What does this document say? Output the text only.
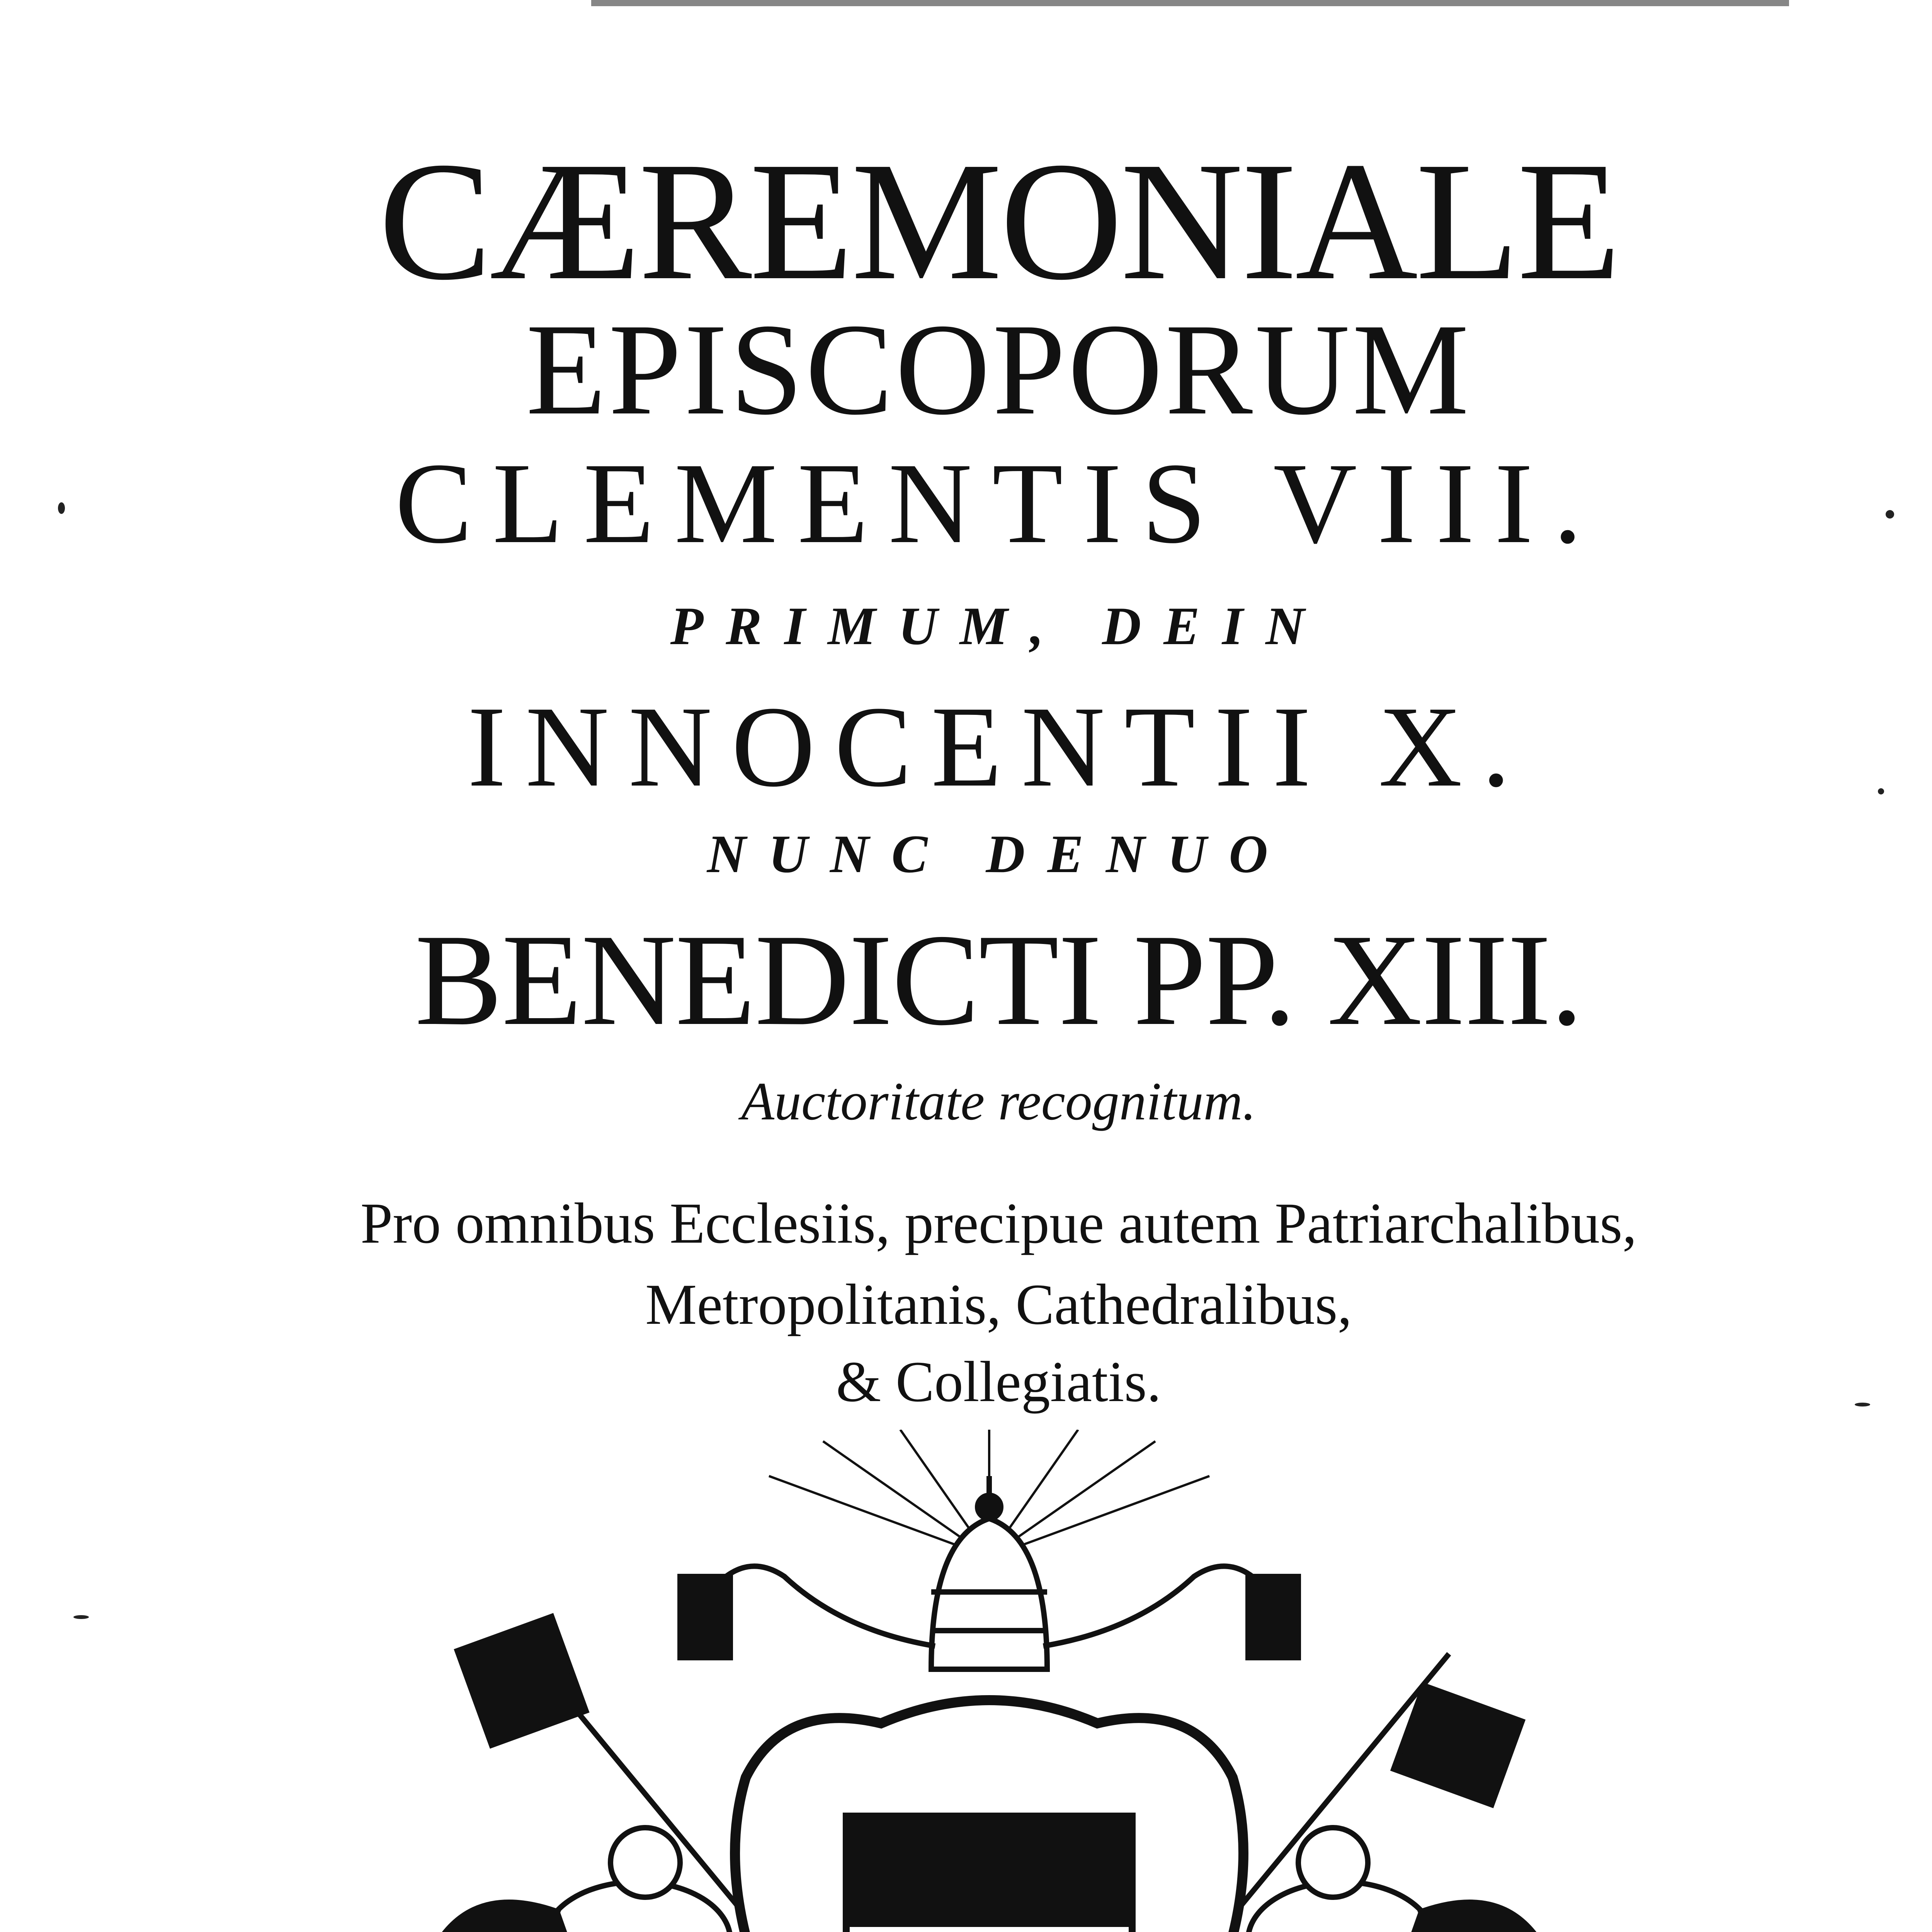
CÆREMONIALE
EPISCOPORUM
CLEMENTIS VIII.
PRIMUM, DEIN
INNOCENTII X.
NUNC DENUO
BENEDICTI PP. XIII.
Auctoritate recognitum.
Pro omnibus Ecclesiis, precipue autem Patriarchalibus,
Metropolitanis, Cathedralibus,
& Collegiatis.
